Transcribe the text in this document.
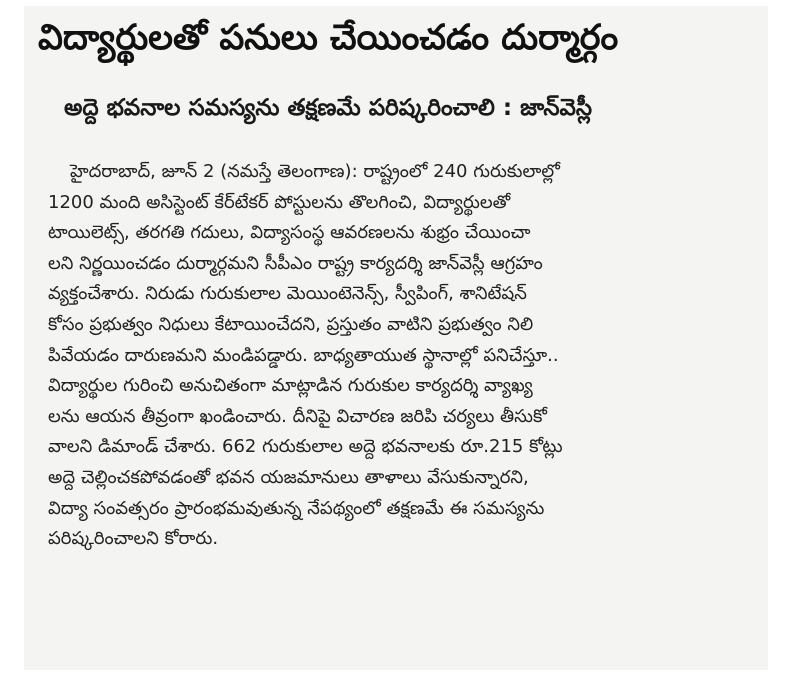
విద్యార్థులతో పనులు చేయించడం దుర్మార్గం
అద్దె భవనాల సమస్యను తక్షణమే పరిష్కరించాలి : జాన్‌వెస్లీ
హైదరాబాద్, జూన్ 2 (నమస్తే తెలంగాణ): రాష్ట్రంలో 240 గురుకులాల్లో
1200 మంది అసిస్టెంట్ కేర్‌టేకర్ పోస్టులను తొలగించి, విద్యార్థులతో
టాయిలెట్స్, తరగతి గదులు, విద్యాసంస్థ ఆవరణలను శుభ్రం చేయించా
లని నిర్ణయించడం దుర్మార్గమని సీపీఎం రాష్ట్ర కార్యదర్శి జాన్‌వెస్లీ ఆగ్రహం
వ్యక్తంచేశారు. నిరుడు గురుకులాల మెయింటెనెన్స్, స్వీపింగ్, శానిటేషన్
కోసం ప్రభుత్వం నిధులు కేటాయించేదని, ప్రస్తుతం వాటిని ప్రభుత్వం నిలి
పివేయడం దారుణమని మండిపడ్డారు. బాధ్యతాయుత స్థానాల్లో పనిచేస్తూ..
విద్యార్థుల గురించి అనుచితంగా మాట్లాడిన గురుకుల కార్యదర్శి వ్యాఖ్య
లను ఆయన తీవ్రంగా ఖండించారు. దీనిపై విచారణ జరిపి చర్యలు తీసుకో
వాలని డిమాండ్ చేశారు. 662 గురుకులాల అద్దె భవనాలకు రూ.215 కోట్లు
అద్దె చెల్లించకపోవడంతో భవన యజమానులు తాళాలు వేసుకున్నారని,
విద్యా సంవత్సరం ప్రారంభమవుతున్న నేపథ్యంలో తక్షణమే ఈ సమస్యను
పరిష్కరించాలని కోరారు.
